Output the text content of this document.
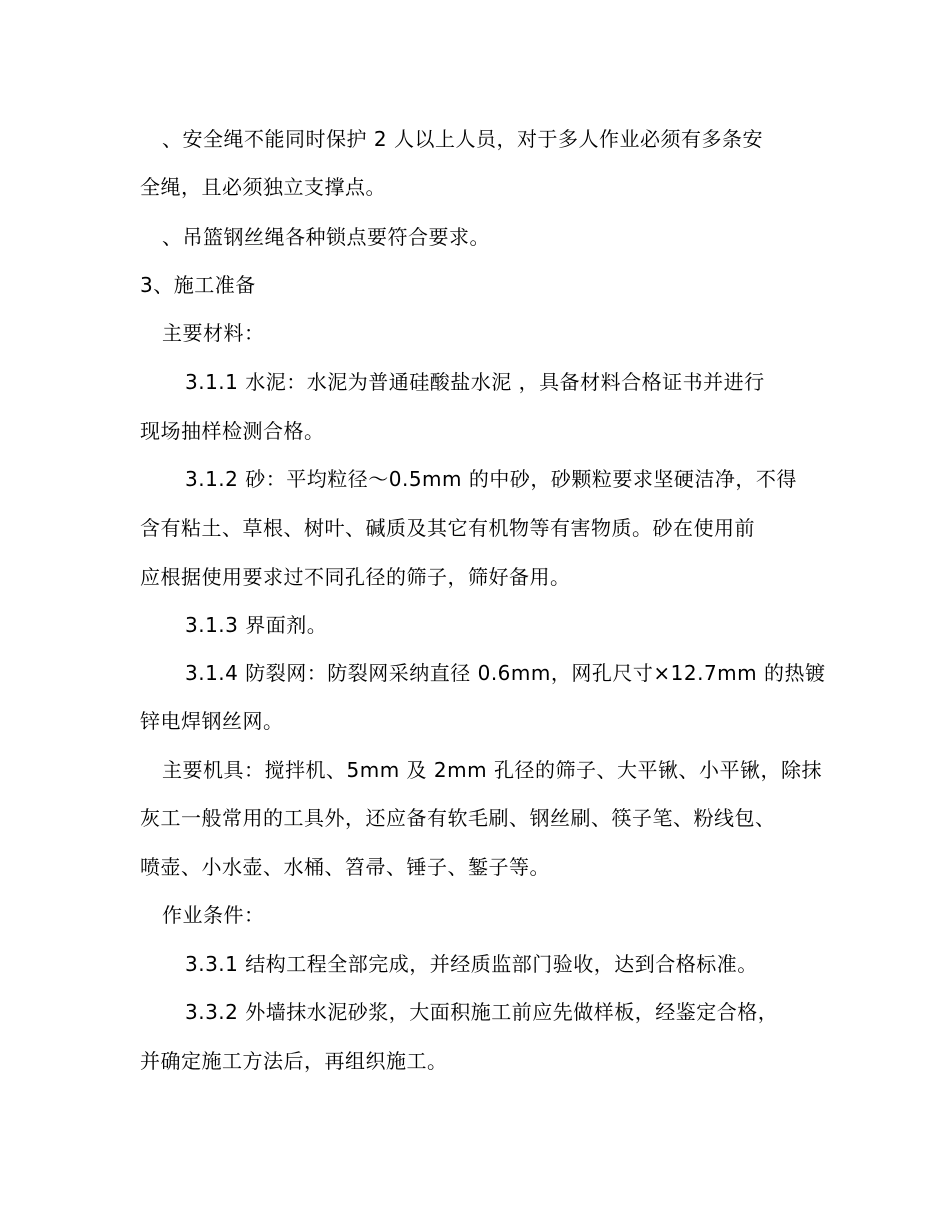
、安全绳不能同时保护 2 人以上人员，对于多人作业必须有多条安
全绳，且必须独立支撑点。
、吊篮钢丝绳各种锁点要符合要求。
3、施工准备
主要材料：
3.1.1 水泥：水泥为普通硅酸盐水泥 ，具备材料合格证书并进行
现场抽样检测合格。
3.1.2 砂：平均粒径～0.5mm 的中砂，砂颗粒要求坚硬洁净，不得
含有粘土、草根、树叶、碱质及其它有机物等有害物质。砂在使用前
应根据使用要求过不同孔径的筛子，筛好备用。
3.1.3 界面剂。
3.1.4 防裂网：防裂网采纳直径 0.6mm，网孔尺寸×12.7mm 的热镀
锌电焊钢丝网。
主要机具：搅拌机、5mm 及 2mm 孔径的筛子、大平锹、小平锹，除抹
灰工一般常用的工具外，还应备有软毛刷、钢丝刷、筷子笔、粉线包、
喷壶、小水壶、水桶、笤帚、锤子、錾子等。
作业条件：
3.3.1 结构工程全部完成，并经质监部门验收，达到合格标准。
3.3.2 外墙抹水泥砂浆，大面积施工前应先做样板，经鉴定合格，
并确定施工方法后，再组织施工。
